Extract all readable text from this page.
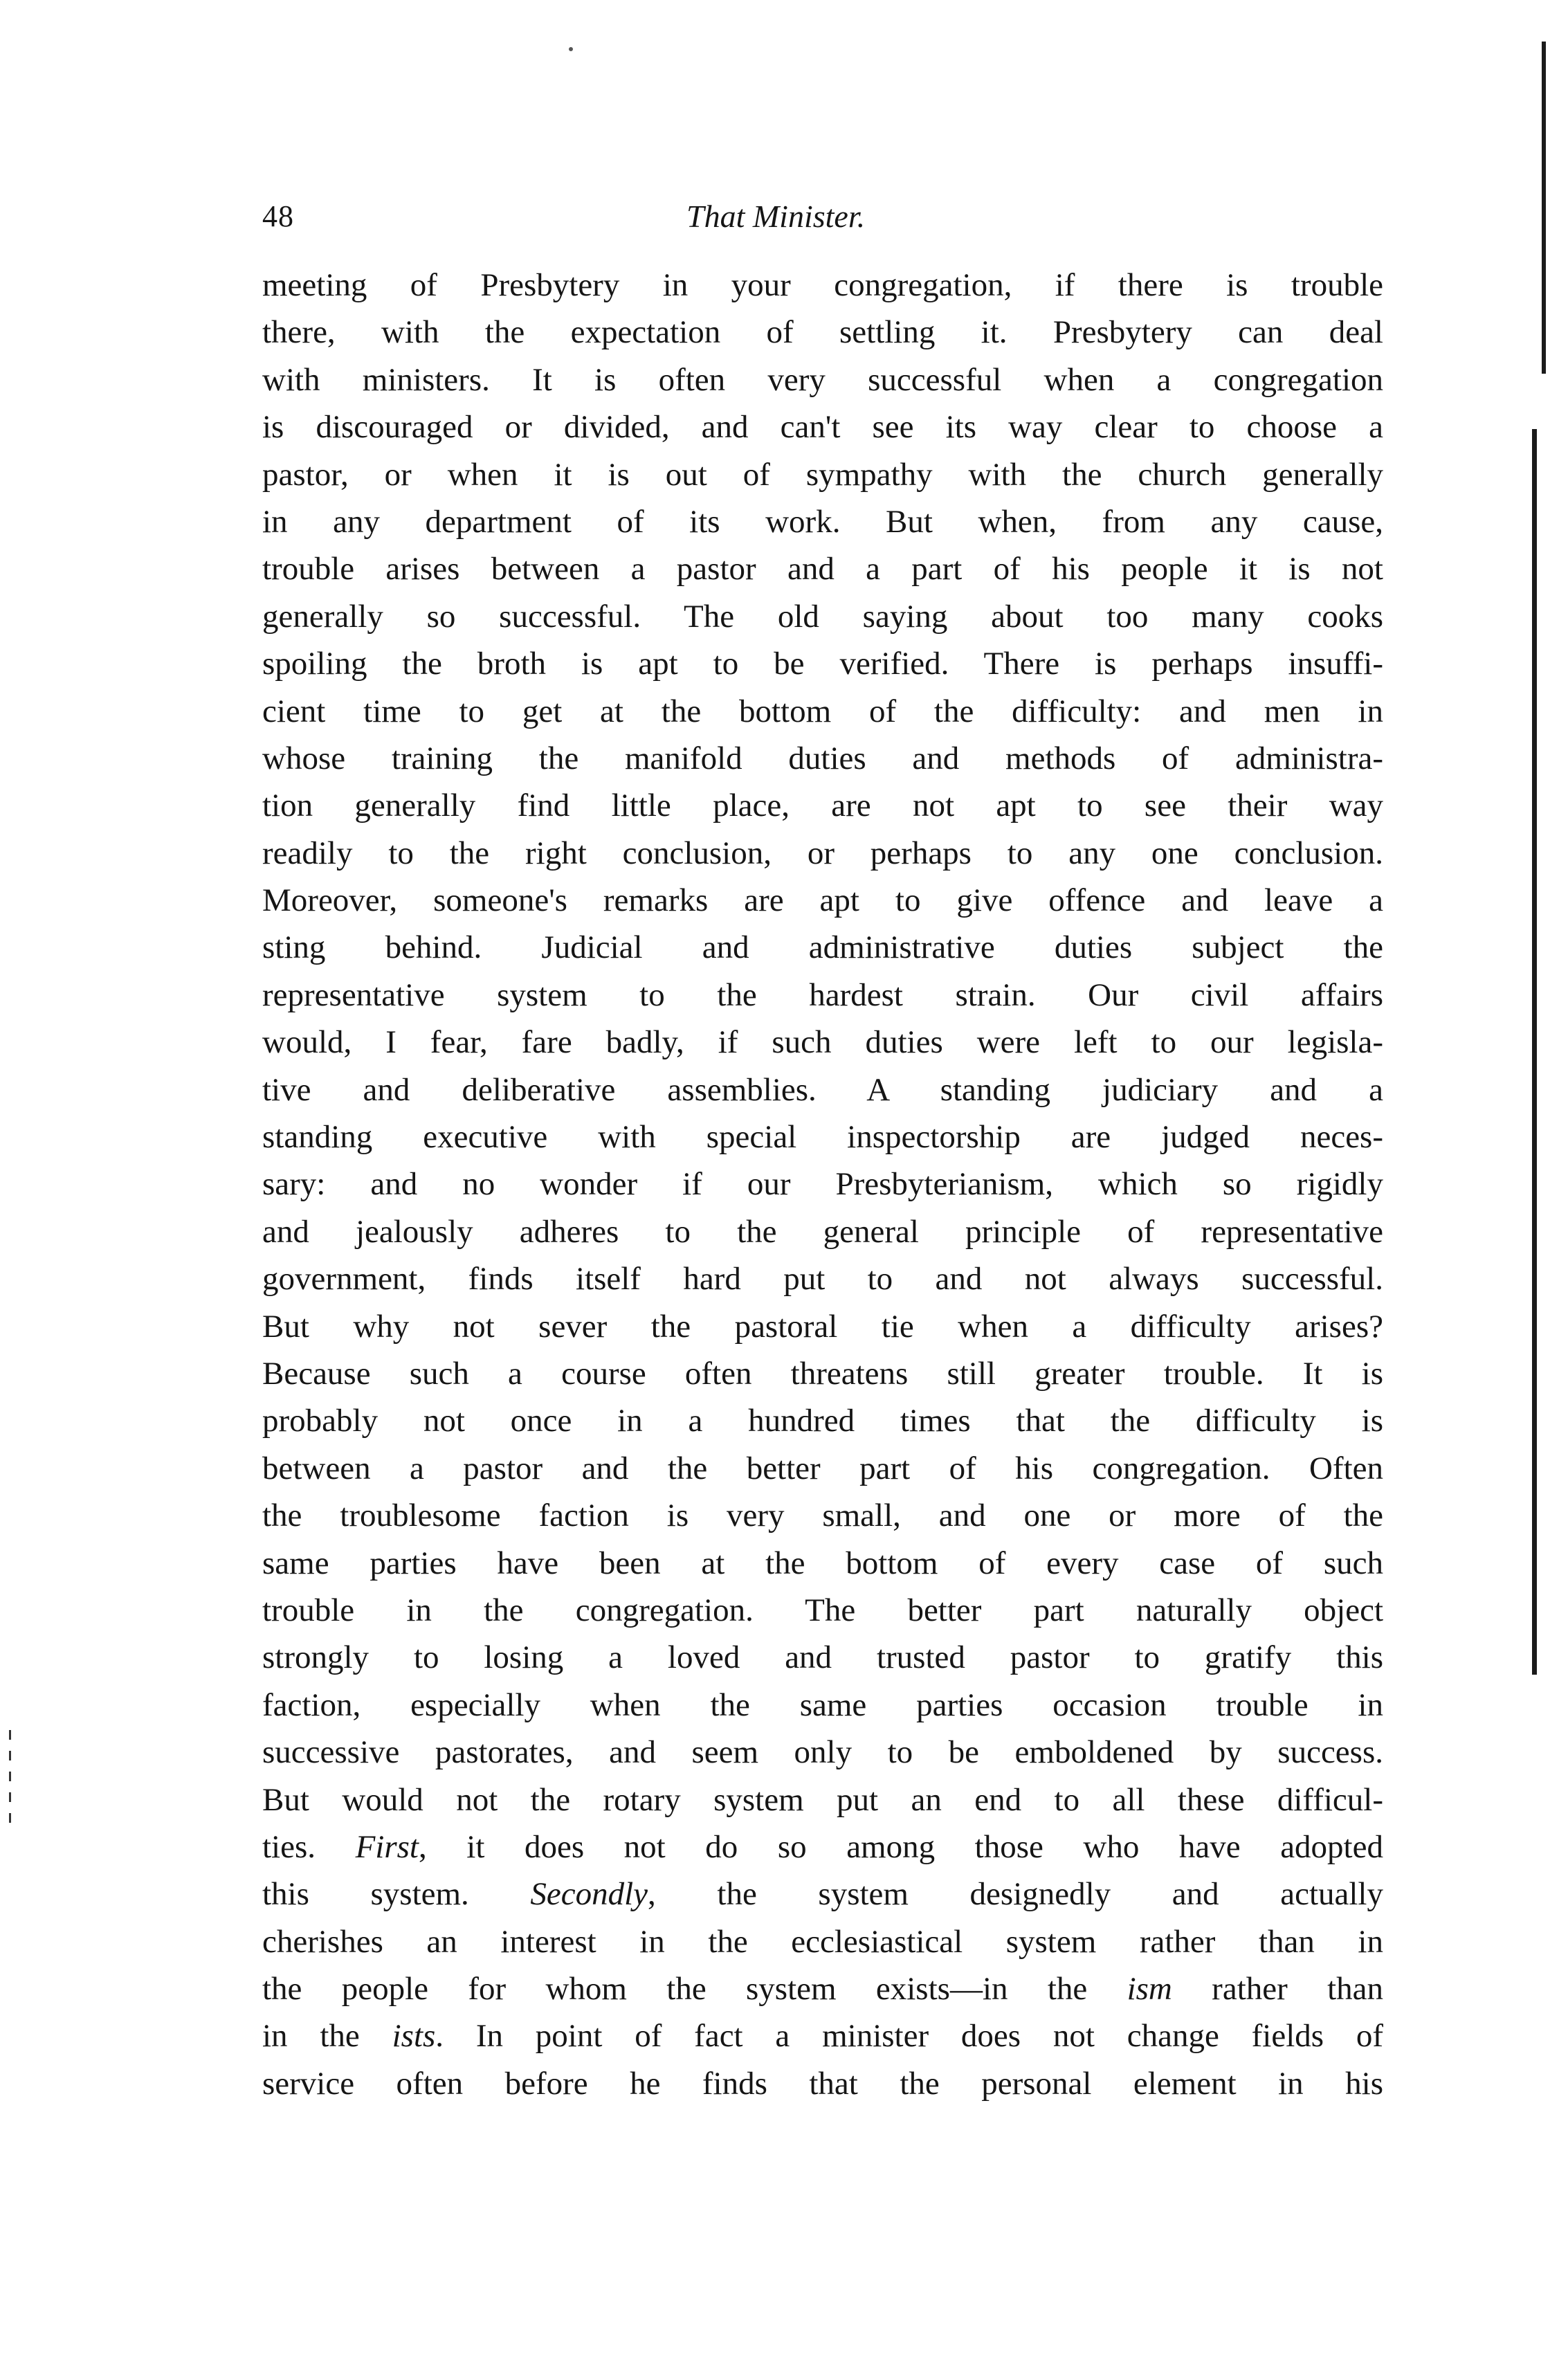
48	That Minister.
meeting of Presbytery in your congregation, if there is trouble
there, with the expectation of settling it. Presbytery can deal
with ministers. It is often very successful when a congregation
is discouraged or divided, and can't see its way clear to choose a
pastor, or when it is out of sympathy with the church generally
in any department of its work. But when, from any cause,
trouble arises between a pastor and a part of his people it is not
generally so successful. The old saying about too many cooks
spoiling the broth is apt to be verified. There is perhaps insuffi-
cient time to get at the bottom of the difficulty: and men in
whose training the manifold duties and methods of administra-
tion generally find little place, are not apt to see their way
readily to the right conclusion, or perhaps to any one conclusion.
Moreover, someone's remarks are apt to give offence and leave a
sting behind. Judicial and administrative duties subject the
representative system to the hardest strain. Our civil affairs
would, I fear, fare badly, if such duties were left to our legisla-
tive and deliberative assemblies. A standing judiciary and a
standing executive with special inspectorship are judged neces-
sary: and no wonder if our Presbyterianism, which so rigidly
and jealously adheres to the general principle of representative
government, finds itself hard put to and not always successful.
But why not sever the pastoral tie when a difficulty arises?
Because such a course often threatens still greater trouble. It is
probably not once in a hundred times that the difficulty is
between a pastor and the better part of his congregation. Often
the troublesome faction is very small, and one or more of the
same parties have been at the bottom of every case of such
trouble in the congregation. The better part naturally object
strongly to losing a loved and trusted pastor to gratify this
faction, especially when the same parties occasion trouble in
successive pastorates, and seem only to be emboldened by success.
But would not the rotary system put an end to all these difficul-
ties. First, it does not do so among those who have adopted
this system. Secondly, the system designedly and actually
cherishes an interest in the ecclesiastical system rather than in
the people for whom the system exists—in the ism rather than
in the ists. In point of fact a minister does not change fields of
service often before he finds that the personal element in his
